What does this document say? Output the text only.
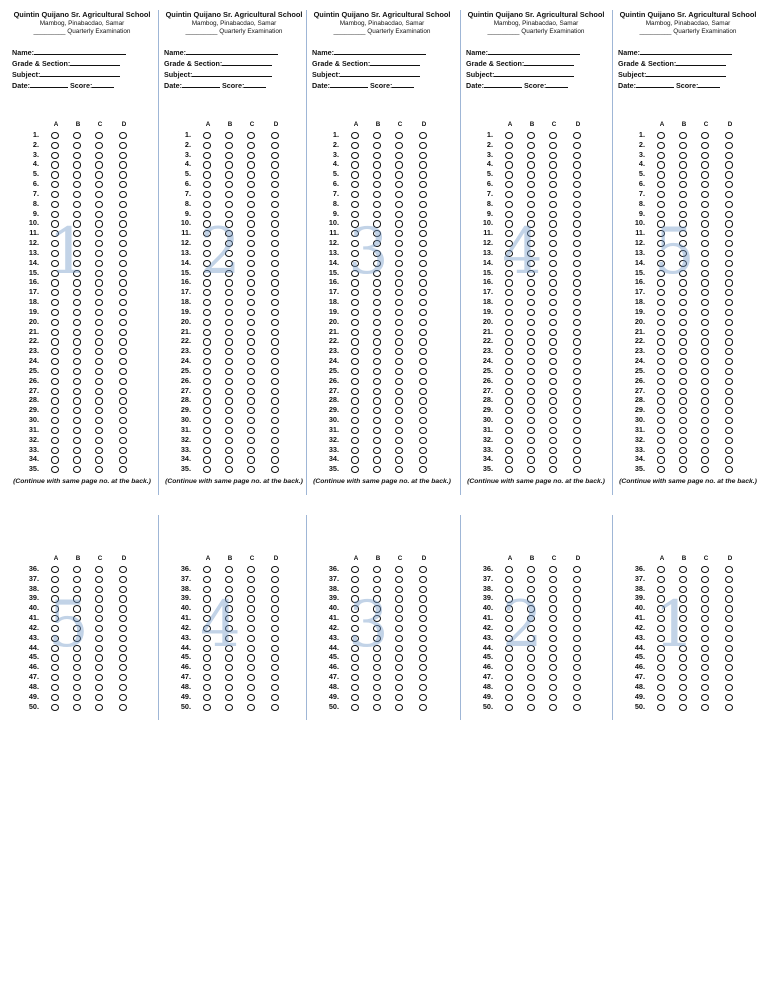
Quintin Quijano Sr. Agricultural School
Mambog, Pinabacdao, Samar
_________ Quarterly Examination
Name:
Grade & Section:
Subject:
Date:	Score:
A	B	C	D
1.
2.
3.
4.
5.
6.
7.
8.
9.
10.
11.
12.
13.
14.
15.
16.
17.
18.
19.
20.
21.
22.
23.
24.
25.
26.
27.
28.
29.
30.
31.
32.
33.
34.
35.
(Continue with same page no. at the back.)
1
A	B	C	D
36.
37.
38.
39.
40.
41.
42.
43.
44.
45.
46.
47.
48.
49.
50.
5
Quintin Quijano Sr. Agricultural School
Mambog, Pinabacdao, Samar
_________ Quarterly Examination
Name:
Grade & Section:
Subject:
Date:	Score:
A	B	C	D
1.
2.
3.
4.
5.
6.
7.
8.
9.
10.
11.
12.
13.
14.
15.
16.
17.
18.
19.
20.
21.
22.
23.
24.
25.
26.
27.
28.
29.
30.
31.
32.
33.
34.
35.
(Continue with same page no. at the back.)
2
A	B	C	D
36.
37.
38.
39.
40.
41.
42.
43.
44.
45.
46.
47.
48.
49.
50.
4
Quintin Quijano Sr. Agricultural School
Mambog, Pinabacdao, Samar
_________ Quarterly Examination
Name:
Grade & Section:
Subject:
Date:	Score:
A	B	C	D
1.
2.
3.
4.
5.
6.
7.
8.
9.
10.
11.
12.
13.
14.
15.
16.
17.
18.
19.
20.
21.
22.
23.
24.
25.
26.
27.
28.
29.
30.
31.
32.
33.
34.
35.
(Continue with same page no. at the back.)
3
A	B	C	D
36.
37.
38.
39.
40.
41.
42.
43.
44.
45.
46.
47.
48.
49.
50.
3
Quintin Quijano Sr. Agricultural School
Mambog, Pinabacdao, Samar
_________ Quarterly Examination
Name:
Grade & Section:
Subject:
Date:	Score:
A	B	C	D
1.
2.
3.
4.
5.
6.
7.
8.
9.
10.
11.
12.
13.
14.
15.
16.
17.
18.
19.
20.
21.
22.
23.
24.
25.
26.
27.
28.
29.
30.
31.
32.
33.
34.
35.
(Continue with same page no. at the back.)
4
A	B	C	D
36.
37.
38.
39.
40.
41.
42.
43.
44.
45.
46.
47.
48.
49.
50.
2
Quintin Quijano Sr. Agricultural School
Mambog, Pinabacdao, Samar
_________ Quarterly Examination
Name:
Grade & Section:
Subject:
Date:	Score:
A	B	C	D
1.
2.
3.
4.
5.
6.
7.
8.
9.
10.
11.
12.
13.
14.
15.
16.
17.
18.
19.
20.
21.
22.
23.
24.
25.
26.
27.
28.
29.
30.
31.
32.
33.
34.
35.
(Continue with same page no. at the back.)
5
A	B	C	D
36.
37.
38.
39.
40.
41.
42.
43.
44.
45.
46.
47.
48.
49.
50.
1
